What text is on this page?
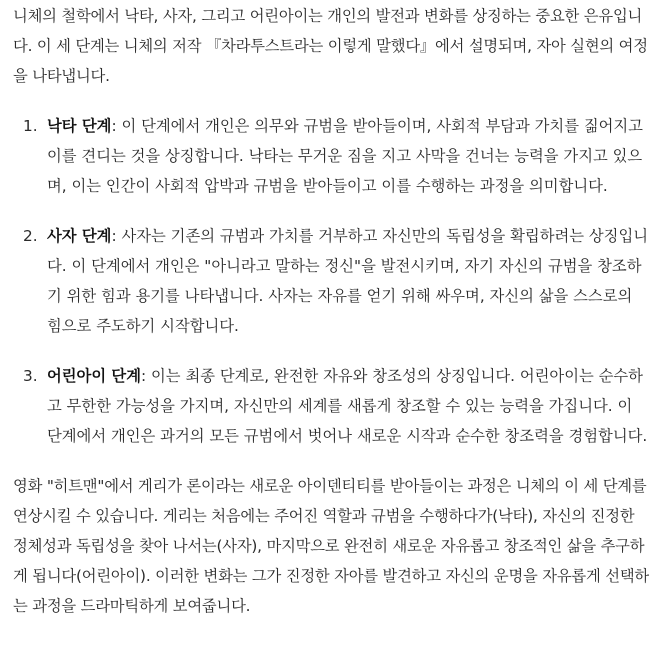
니체의 철학에서 낙타, 사자, 그리고 어린아이는 개인의 발전과 변화를 상징하는 중요한 은유입니다. 이 세 단계는 니체의 저작 『차라투스트라는 이렇게 말했다』에서 설명되며, 자아 실현의 여정을 나타냅니다.

1. 낙타 단계: 이 단계에서 개인은 의무와 규범을 받아들이며, 사회적 부담과 가치를 짊어지고 이를 견디는 것을 상징합니다. 낙타는 무거운 짐을 지고 사막을 건너는 능력을 가지고 있으며, 이는 인간이 사회적 압박과 규범을 받아들이고 이를 수행하는 과정을 의미합니다.
2. 사자 단계: 사자는 기존의 규범과 가치를 거부하고 자신만의 독립성을 확립하려는 상징입니다. 이 단계에서 개인은 "아니라고 말하는 정신"을 발전시키며, 자기 자신의 규범을 창조하기 위한 힘과 용기를 나타냅니다. 사자는 자유를 얻기 위해 싸우며, 자신의 삶을 스스로의 힘으로 주도하기 시작합니다.
3. 어린아이 단계: 이는 최종 단계로, 완전한 자유와 창조성의 상징입니다. 어린아이는 순수하고 무한한 가능성을 가지며, 자신만의 세계를 새롭게 창조할 수 있는 능력을 가집니다. 이 단계에서 개인은 과거의 모든 규범에서 벗어나 새로운 시작과 순수한 창조력을 경험합니다.

영화 "히트맨"에서 게리가 론이라는 새로운 아이덴티티를 받아들이는 과정은 니체의 이 세 단계를 연상시킬 수 있습니다. 게리는 처음에는 주어진 역할과 규범을 수행하다가(낙타), 자신의 진정한 정체성과 독립성을 찾아 나서는(사자), 마지막으로 완전히 새로운 자유롭고 창조적인 삶을 추구하게 됩니다(어린아이). 이러한 변화는 그가 진정한 자아를 발견하고 자신의 운명을 자유롭게 선택하는 과정을 드라마틱하게 보여줍니다.
